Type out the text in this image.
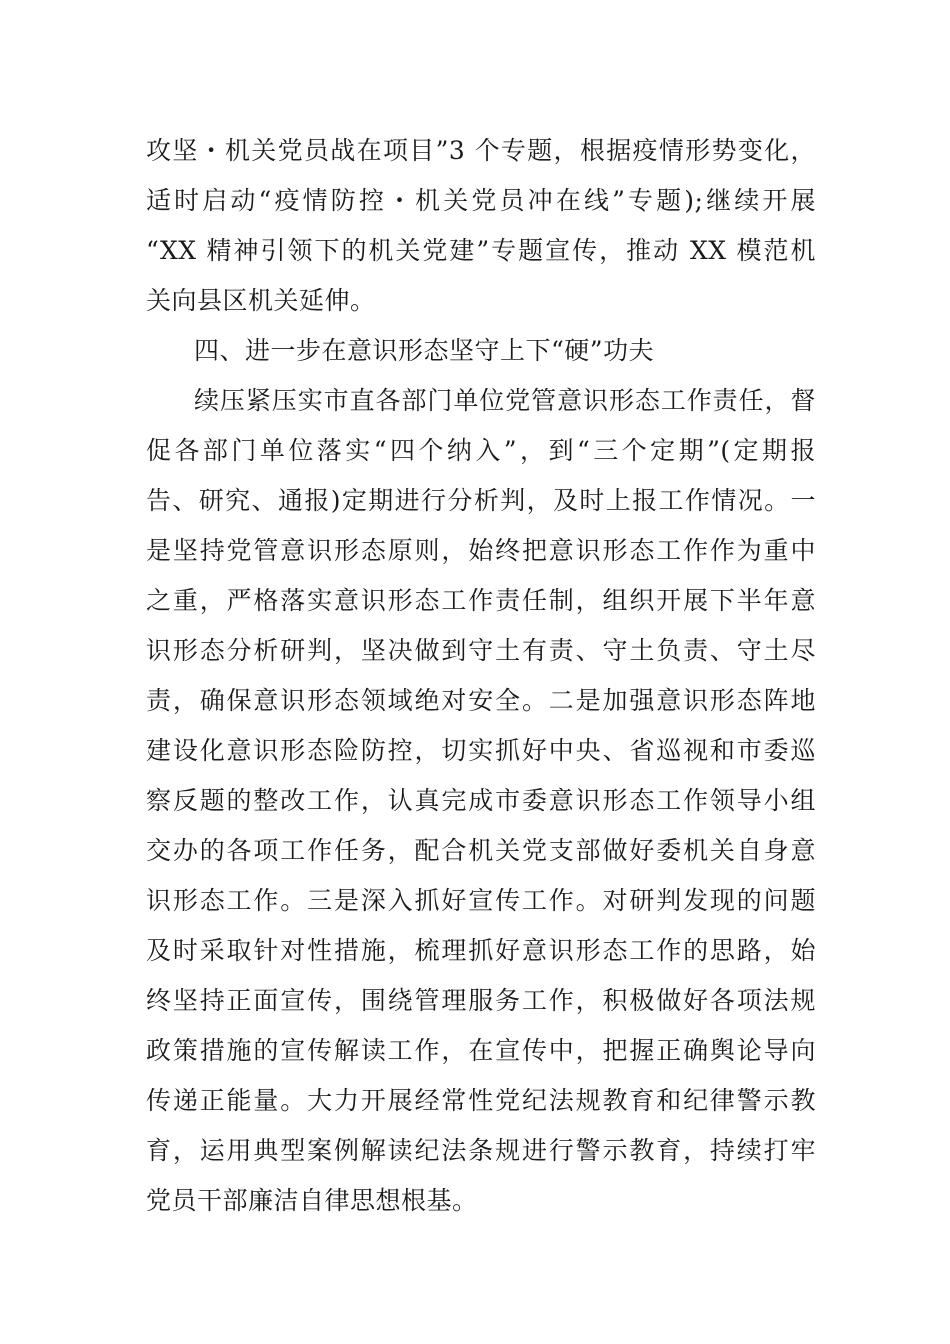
攻坚・机关党员战在项目”3 个专题，根据疫情形势变化，
适时启动“疫情防控・机关党员冲在线”专题);继续开展
“XX 精神引领下的机关党建”专题宣传，推动 XX 模范机
关向县区机关延伸。
四、进一步在意识形态坚守上下“硬”功夫
续压紧压实市直各部门单位党管意识形态工作责任，督
促各部门单位落实“四个纳入”，到“三个定期”(定期报
告、研究、通报)定期进行分析判，及时上报工作情况。一
是坚持党管意识形态原则，始终把意识形态工作作为重中
之重，严格落实意识形态工作责任制，组织开展下半年意
识形态分析研判，坚决做到守土有责、守土负责、守土尽
责，确保意识形态领域绝对安全。二是加强意识形态阵地
建设化意识形态险防控，切实抓好中央、省巡视和市委巡
察反题的整改工作，认真完成市委意识形态工作领导小组
交办的各项工作任务，配合机关党支部做好委机关自身意
识形态工作。三是深入抓好宣传工作。对研判发现的问题
及时采取针对性措施，梳理抓好意识形态工作的思路，始
终坚持正面宣传，围绕管理服务工作，积极做好各项法规
政策措施的宣传解读工作，在宣传中，把握正确舆论导向
传递正能量。大力开展经常性党纪法规教育和纪律警示教
育，运用典型案例解读纪法条规进行警示教育，持续打牢
党员干部廉洁自律思想根基。
